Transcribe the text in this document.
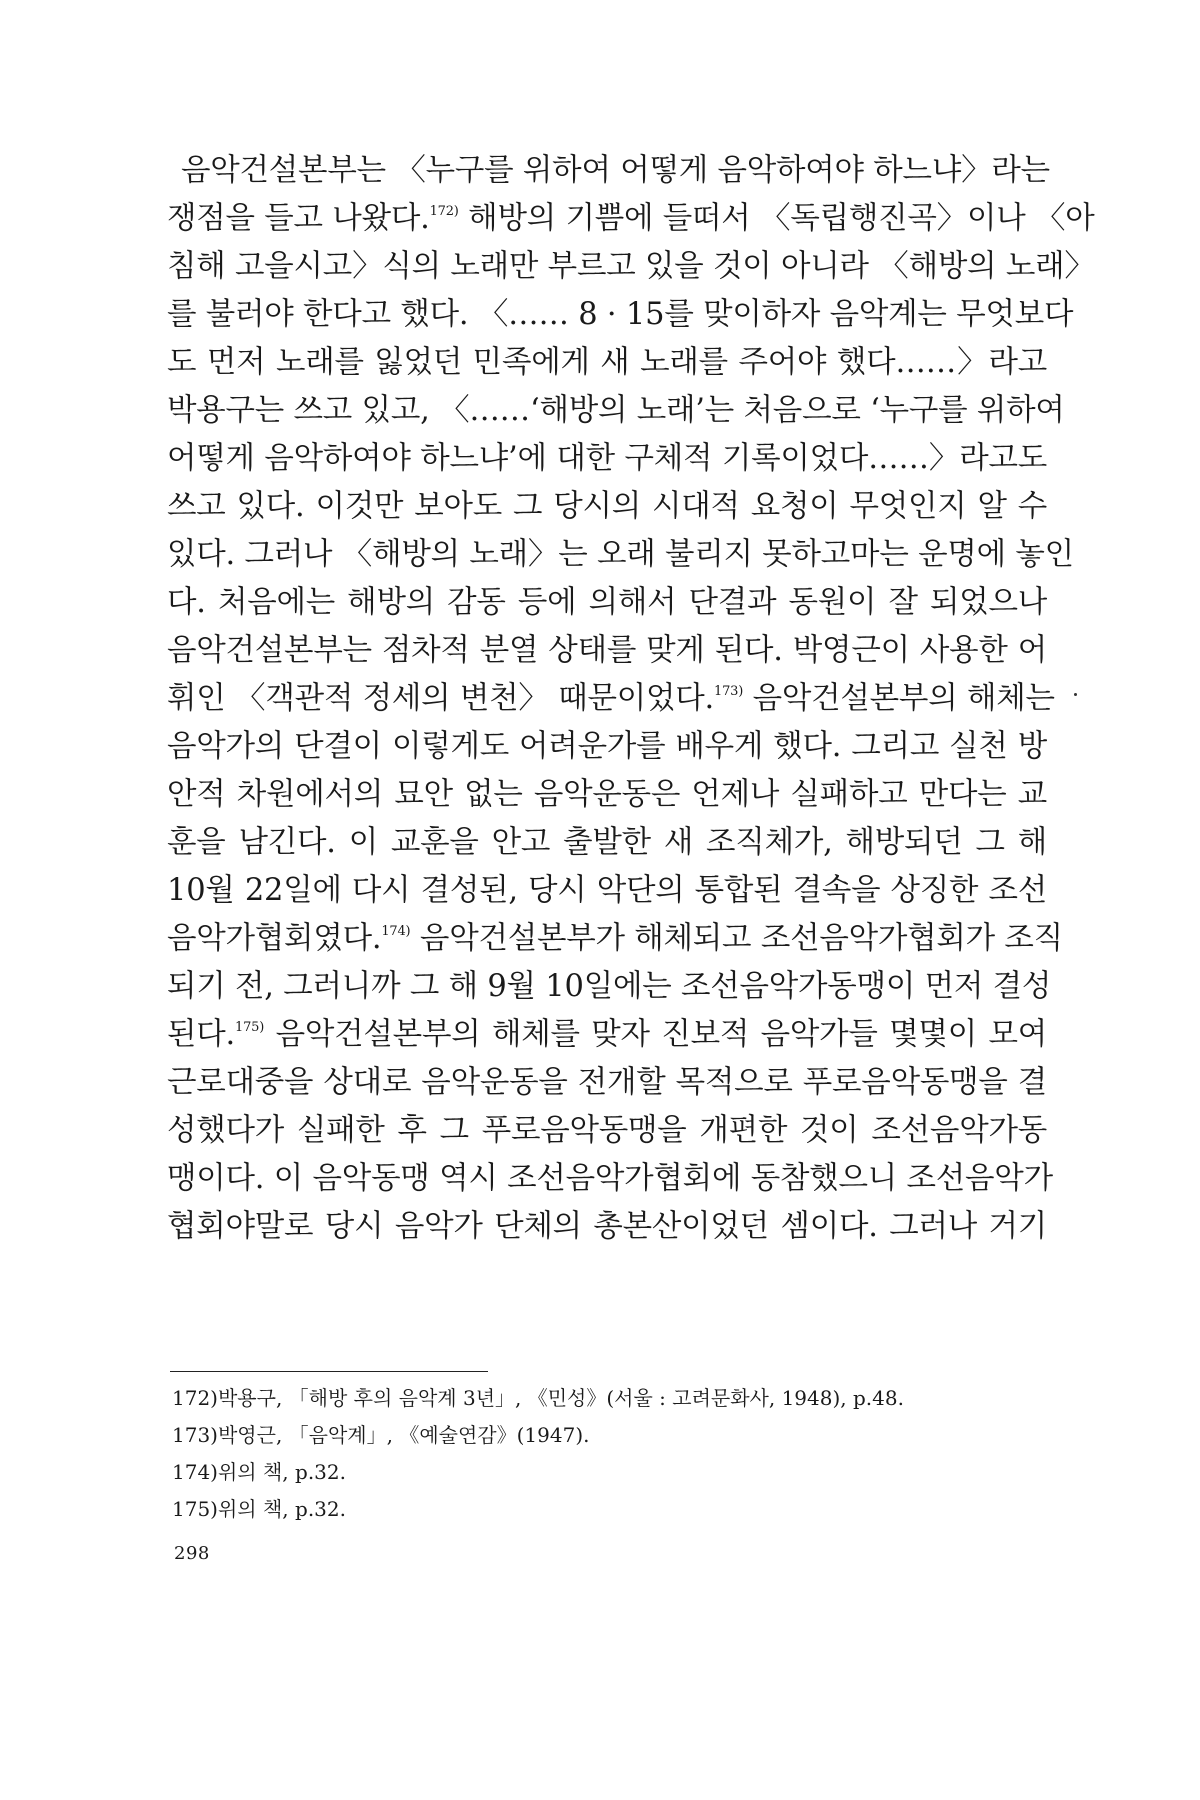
음악건설본부는 〈누구를 위하여 어떻게 음악하여야 하느냐〉라는
쟁점을 들고 나왔다.$^{172)}$ 해방의 기쁨에 들떠서 〈독립행진곡〉이나 〈아
침해 고을시고〉식의 노래만 부르고 있을 것이 아니라 〈해방의 노래〉
를 불러야 한다고 했다. 〈…… 8 · 15를 맞이하자 음악계는 무엇보다
도 먼저 노래를 잃었던 민족에게 새 노래를 주어야 했다……〉라고
박용구는 쓰고 있고, 〈……‘해방의 노래’는 처음으로 ‘누구를 위하여
어떻게 음악하여야 하느냐’에 대한 구체적 기록이었다……〉라고도
쓰고 있다. 이것만 보아도 그 당시의 시대적 요청이 무엇인지 알 수
있다. 그러나 〈해방의 노래〉는 오래 불리지 못하고마는 운명에 놓인
다. 처음에는 해방의 감동 등에 의해서 단결과 동원이 잘 되었으나
음악건설본부는 점차적 분열 상태를 맞게 된다. 박영근이 사용한 어
휘인 〈객관적 정세의 변천〉 때문이었다.$^{173)}$ 음악건설본부의 해체는
음악가의 단결이 이렇게도 어려운가를 배우게 했다. 그리고 실천 방
안적 차원에서의 묘안 없는 음악운동은 언제나 실패하고 만다는 교
훈을 남긴다. 이 교훈을 안고 출발한 새 조직체가, 해방되던 그 해
10월 22일에 다시 결성된, 당시 악단의 통합된 결속을 상징한 조선
음악가협회였다.$^{174)}$ 음악건설본부가 해체되고 조선음악가협회가 조직
되기 전, 그러니까 그 해 9월 10일에는 조선음악가동맹이 먼저 결성
된다.$^{175)}$ 음악건설본부의 해체를 맞자 진보적 음악가들 몇몇이 모여
근로대중을 상대로 음악운동을 전개할 목적으로 푸로음악동맹을 결
성했다가 실패한 후 그 푸로음악동맹을 개편한 것이 조선음악가동
맹이다. 이 음악동맹 역시 조선음악가협회에 동참했으니 조선음악가
협회야말로 당시 음악가 단체의 총본산이었던 셈이다. 그러나 거기
172)박용구, 「해방 후의 음악계 3년」, 《민성》(서울 : 고려문화사, 1948), p.48.
173)박영근, 「음악계」, 《예술연감》(1947).
174)위의 책, p.32.
175)위의 책, p.32.
298
